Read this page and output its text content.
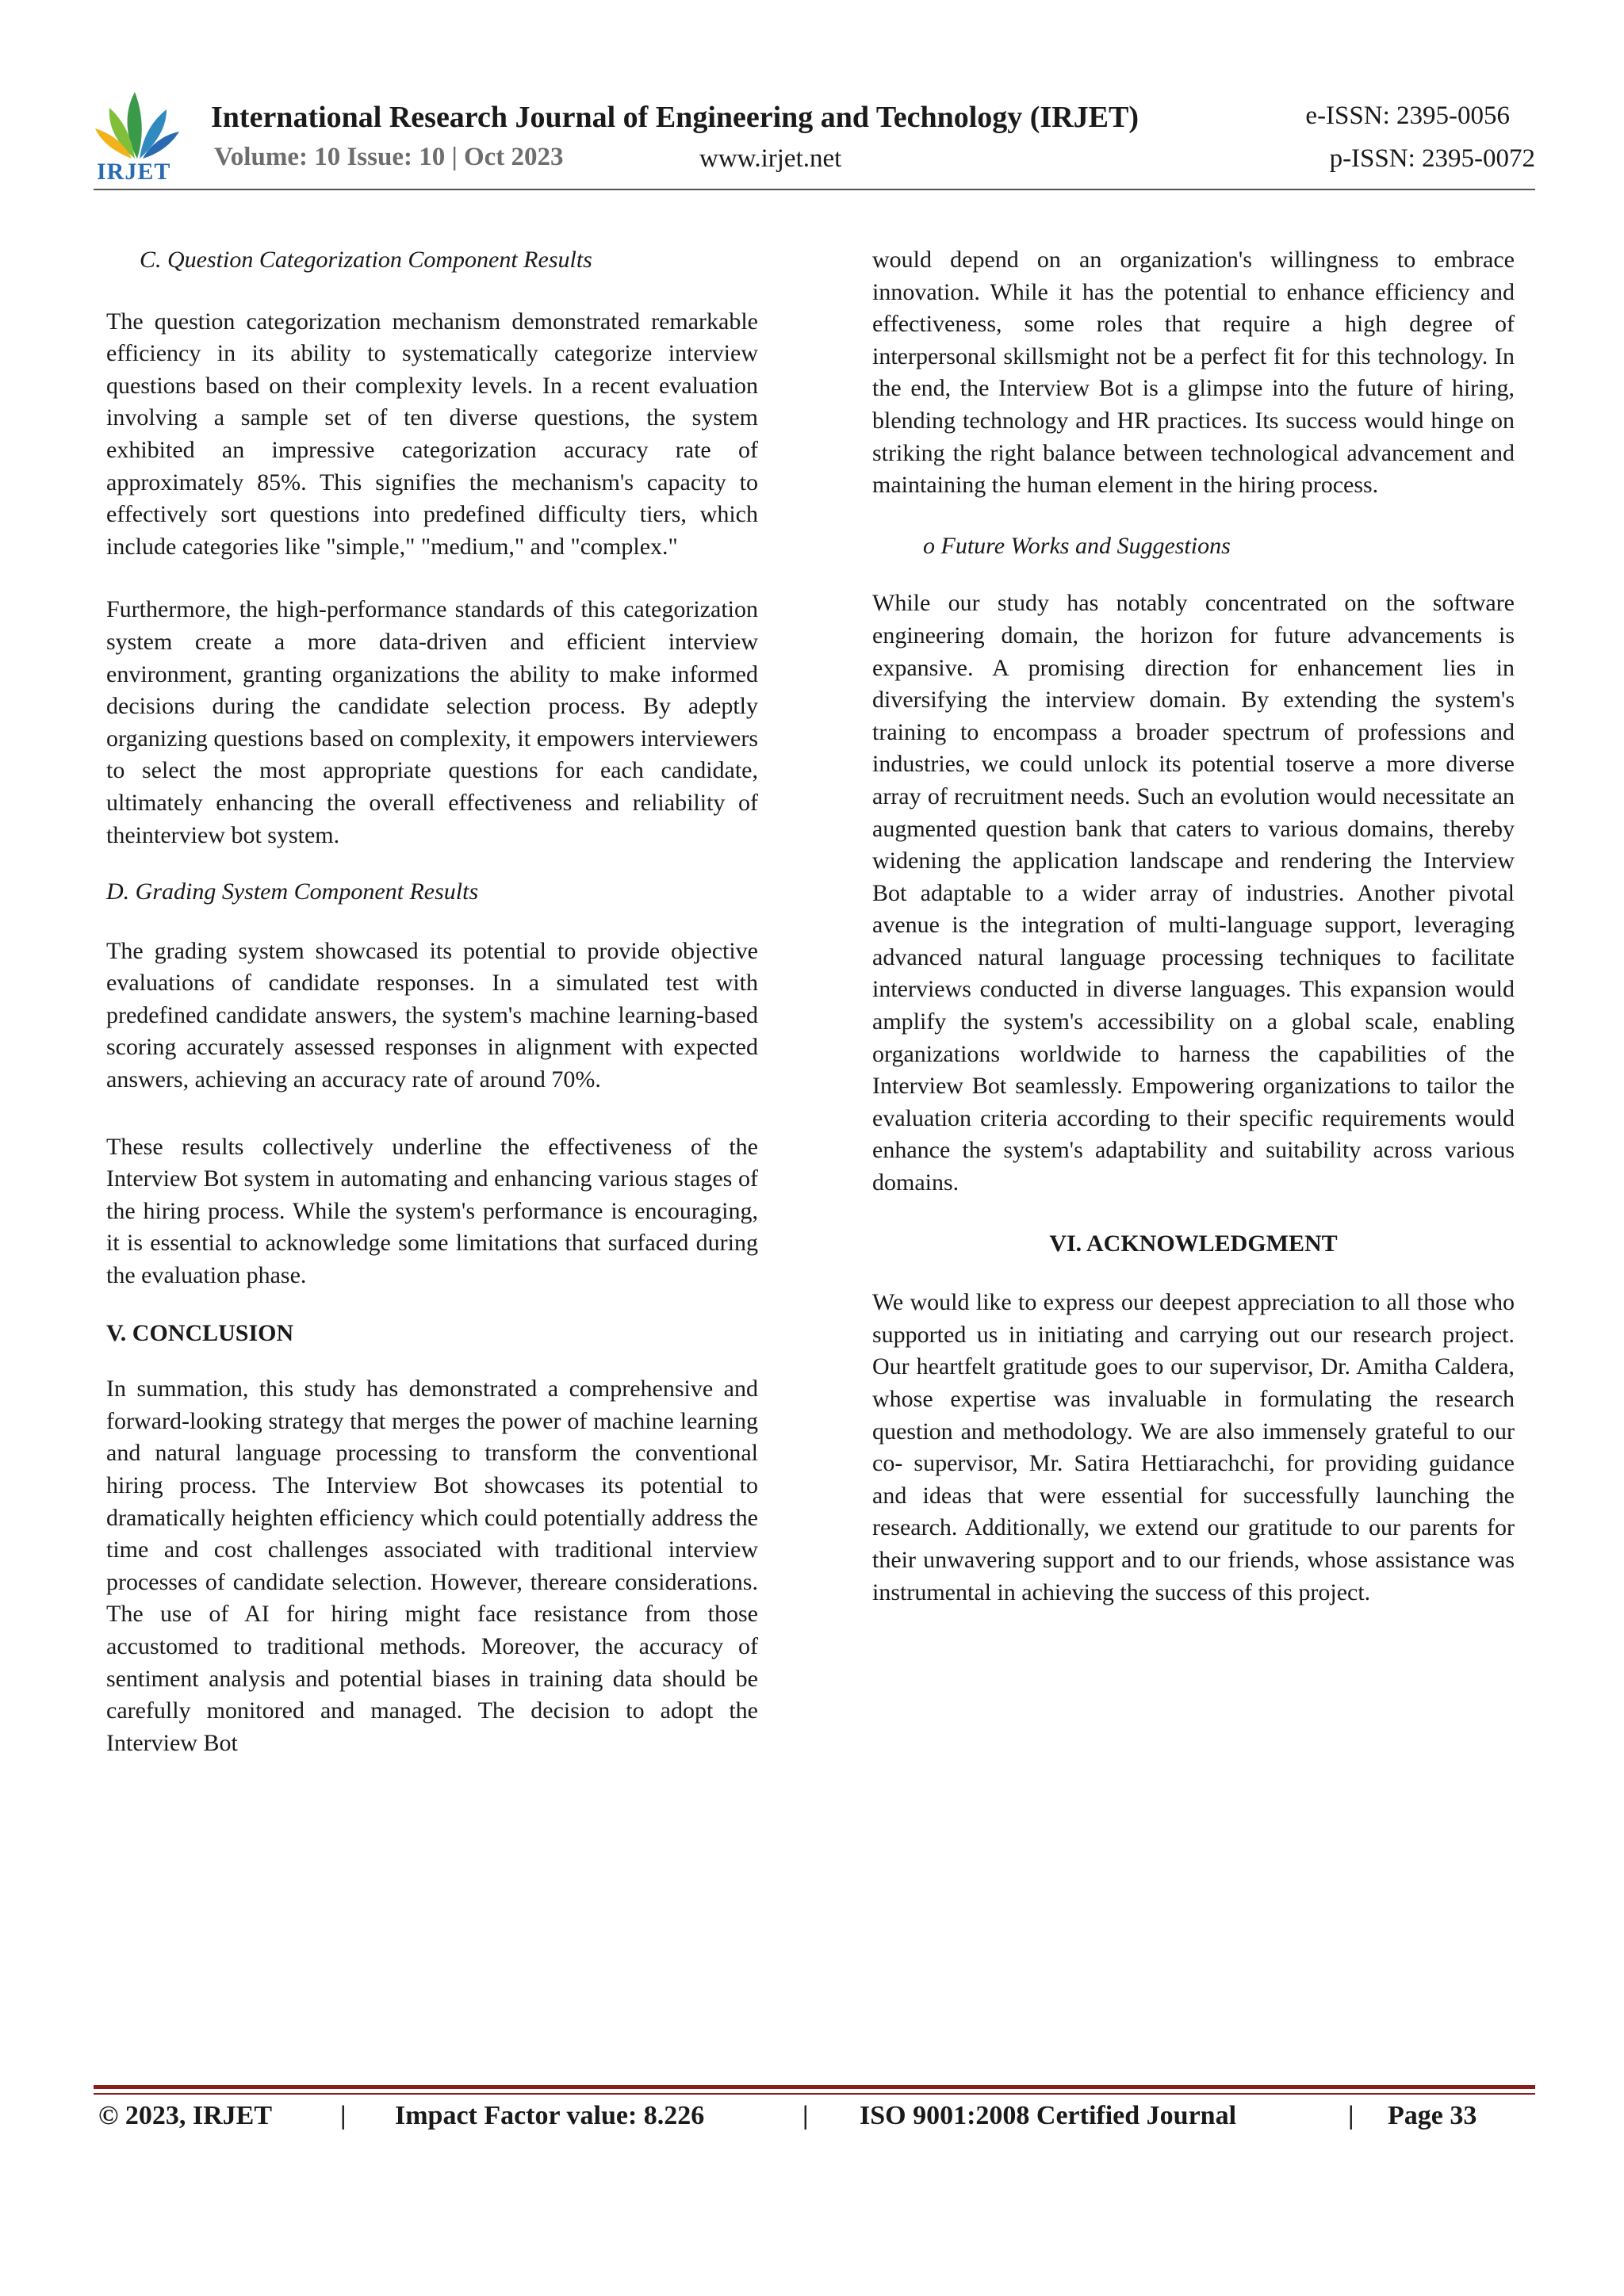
IRJET
International Research Journal of Engineering and Technology (IRJET)
Volume: 10 Issue: 10 | Oct 2023	www.irjet.net
e-ISSN: 2395-0056
p-ISSN: 2395-0072

C. Question Categorization Component Results

The question categorization mechanism demonstrated remarkable efficiency in its ability to systematically categorize interview questions based on their complexity levels. In a recent evaluation involving a sample set of ten diverse questions, the system exhibited an impressive categorization accuracy rate of approximately 85%. This signifies the mechanism's capacity to effectively sort questions into predefined difficulty tiers, which include categories like "simple," "medium," and "complex."

Furthermore, the high-performance standards of this categorization system create a more data-driven and efficient interview environment, granting organizations the ability to make informed decisions during the candidate selection process. By adeptly organizing questions based on complexity, it empowers interviewers to select the most appropriate questions for each candidate, ultimately enhancing the overall effectiveness and reliability of theinterview bot system.

D. Grading System Component Results

The grading system showcased its potential to provide objective evaluations of candidate responses. In a simulated test with predefined candidate answers, the system's machine learning-based scoring accurately assessed responses in alignment with expected answers, achieving an accuracy rate of around 70%.

These results collectively underline the effectiveness of the Interview Bot system in automating and enhancing various stages of the hiring process. While the system's performance is encouraging, it is essential to acknowledge some limitations that surfaced during the evaluation phase.

V. CONCLUSION

In summation, this study has demonstrated a comprehensive and forward-looking strategy that merges the power of machine learning and natural language processing to transform the conventional hiring process. The Interview Bot showcases its potential to dramatically heighten efficiency which could potentially address the time and cost challenges associated with traditional interview processes of candidate selection. However, thereare considerations. The use of AI for hiring might face resistance from those accustomed to traditional methods. Moreover, the accuracy of sentiment analysis and potential biases in training data should be carefully monitored and managed. The decision to adopt the Interview Bot

would depend on an organization's willingness to embrace innovation. While it has the potential to enhance efficiency and effectiveness, some roles that require a high degree of interpersonal skillsmight not be a perfect fit for this technology. In the end, the Interview Bot is a glimpse into the future of hiring, blending technology and HR practices. Its success would hinge on striking the right balance between technological advancement and maintaining the human element in the hiring process.

o Future Works and Suggestions

While our study has notably concentrated on the software engineering domain, the horizon for future advancements is expansive. A promising direction for enhancement lies in diversifying the interview domain. By extending the system's training to encompass a broader spectrum of professions and industries, we could unlock its potential toserve a more diverse array of recruitment needs. Such an evolution would necessitate an augmented question bank that caters to various domains, thereby widening the application landscape and rendering the Interview Bot adaptable to a wider array of industries. Another pivotal avenue is the integration of multi-language support, leveraging advanced natural language processing techniques to facilitate interviews conducted in diverse languages. This expansion would amplify the system's accessibility on a global scale, enabling organizations worldwide to harness the capabilities of the Interview Bot seamlessly. Empowering organizations to tailor the evaluation criteria according to their specific requirements would enhance the system's adaptability and suitability across various domains.

VI. ACKNOWLEDGMENT

We would like to express our deepest appreciation to all those who supported us in initiating and carrying out our research project. Our heartfelt gratitude goes to our supervisor, Dr. Amitha Caldera, whose expertise was invaluable in formulating the research question and methodology. We are also immensely grateful to our co- supervisor, Mr. Satira Hettiarachchi, for providing guidance and ideas that were essential for successfully launching the research. Additionally, we extend our gratitude to our parents for their unwavering support and to our friends, whose assistance was instrumental in achieving the success of this project.

© 2023, IRJET	| Impact Factor value: 8.226	| ISO 9001:2008 Certified Journal	| Page 33
